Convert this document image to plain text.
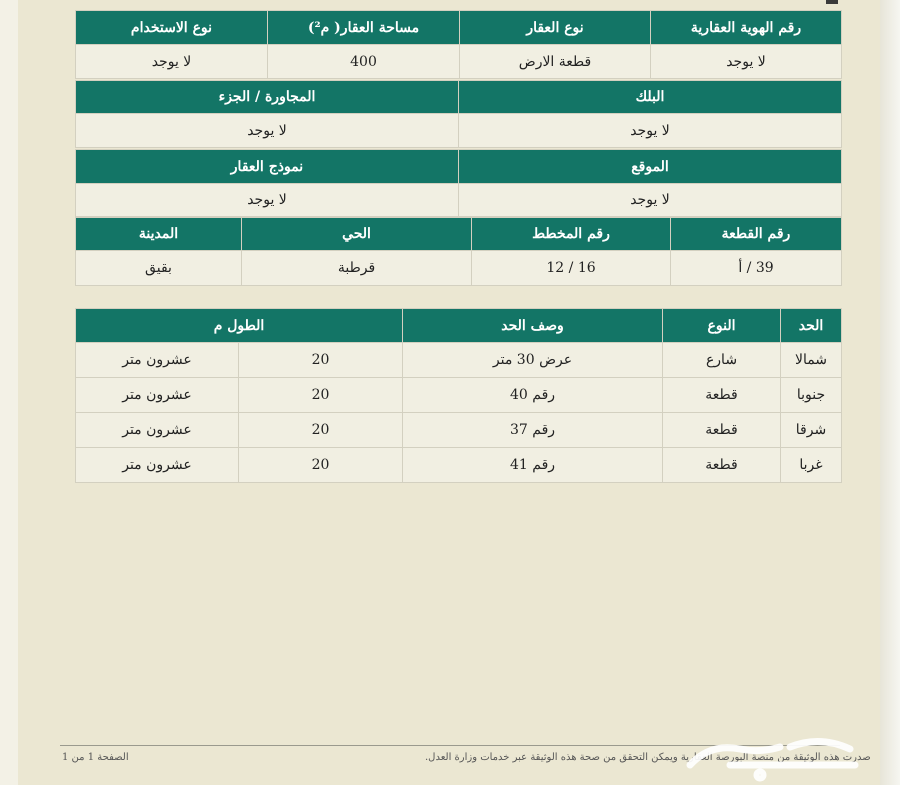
رقم الهوية العقارية	نوع العقار	مساحة العقار( م²)	نوع الاستخدام
لا يوجد	قطعة الارض	400	لا يوجد
البلك	المجاورة / الجزء
لا يوجد	لا يوجد
الموقع	نموذج العقار
لا يوجد	لا يوجد
رقم القطعة	رقم المخطط	الحي	المدينة
39 / أ	16 / 12	قرطبة	بقيق
الحد	النوع	وصف الحد	الطول م	
شمالا	شارع	عرض 30 متر	20	عشرون متر
جنوبا	قطعة	رقم 40	20	عشرون متر
شرقا	قطعة	رقم 37	20	عشرون متر
غربا	قطعة	رقم 41	20	عشرون متر
صدرت هذه الوثيقة من منصة البورصة العقارية ويمكن التحقق من صحة هذه الوثيقة عبر خدمات وزارة العدل.
الصفحة 1 من 1
